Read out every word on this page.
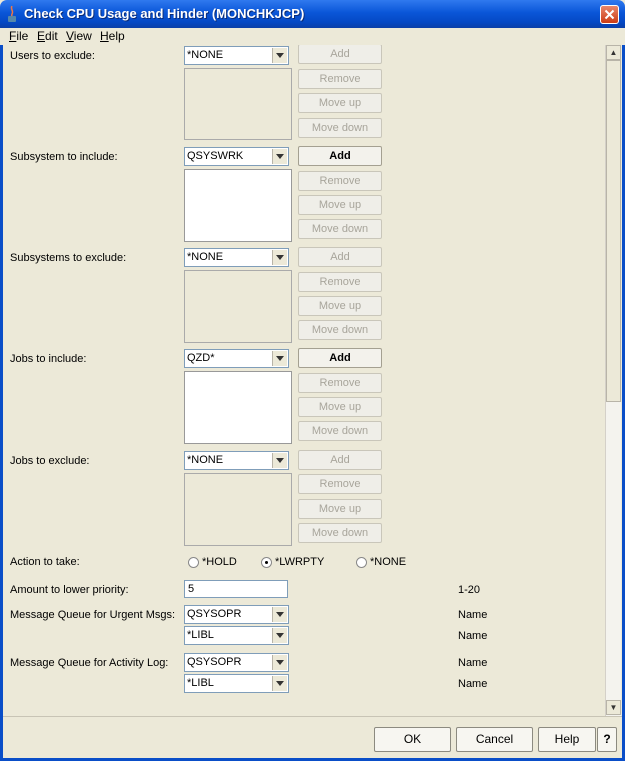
Check CPU Usage and Hinder (MONCHKJCP)
File Edit View Help
Users to exclude:	*NONE	Add
Remove
Move up
Move down
Subsystem to include:	QSYSWRK	Add
Remove
Move up
Move down
Subsystems to exclude:	*NONE	Add
Remove
Move up
Move down
Jobs to include:	QZD*	Add
Remove
Move up
Move down
Jobs to exclude:	*NONE	Add
Remove
Move up
Move down
Action to take:	*HOLD	*LWRPTY	*NONE
Amount to lower priority:	5	1-20
Message Queue for Urgent Msgs: QSYSOPR	Name
*LIBL	Name
Message Queue for Activity Log: QSYSOPR	Name
*LIBL	Name
▲
▼
OK	Cancel	Help	?
